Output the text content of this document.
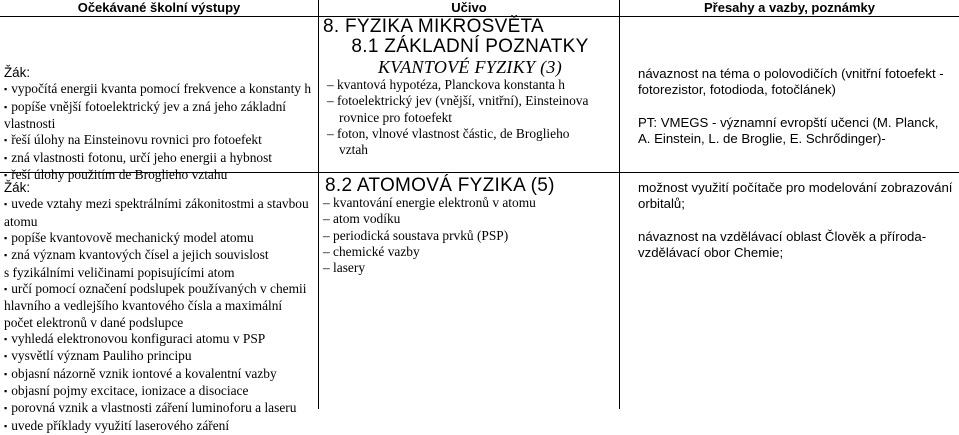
Očekávané školní výstupy	Učivo	Přesahy a vazby, poznámky
8. FYZIKA MIKROSVĚTA
8.1 ZÁKLADNÍ POZNATKY
KVANTOVÉ FYZIKY (3)
– kvantová hypotéza, Planckova konstanta h
– fotoelektrický jev (vnější, vnitřní), Einsteinova
rovnice pro fotoefekt
– foton, vlnové vlastnost částic, de Broglieho
vztah
Žák:
▪ vypočítá energii kvanta pomocí frekvence a konstanty h
▪ popíše vnější fotoelektrický jev a zná jeho základní
vlastnosti
▪ řeší úlohy na Einsteinovu rovnici pro fotoefekt
▪ zná vlastnosti fotonu, určí jeho energii a hybnost
▪ řeší úlohy použitím de Broglieho vztahu
návaznost na téma o polovodičích (vnitřní fotoefekt -
fotorezistor, fotodioda, fotočlánek)
PT: VMEGS - významní evropští učenci (M. Planck,
A. Einstein, L. de Broglie, E. Schrődinger)-
8.2 ATOMOVÁ FYZIKA (5)
– kvantování energie elektronů v atomu
– atom vodíku
– periodická soustava prvků (PSP)
– chemické vazby
– lasery
Žák:
▪ uvede vztahy mezi spektrálními zákonitostmi a stavbou
atomu
▪ popíše kvantovově mechanický model atomu
▪ zná význam kvantových čísel a jejich souvislost
s fyzikálními veličinami popisujícími atom
▪ určí pomocí označení podslupek používaných v chemii
hlavního a vedlejšího kvantového čísla a maximální
počet elektronů v dané podslupce
▪ vyhledá elektronovou konfiguraci atomu v PSP
▪ vysvětlí význam Pauliho principu
▪ objasní názorně vznik iontové a kovalentní vazby
▪ objasní pojmy excitace, ionizace a disociace
▪ porovná vznik a vlastnosti záření luminoforu a laseru
▪ uvede příklady využití laserového záření
možnost využití počítače pro modelování zobrazování
orbitalů;
návaznost na vzdělávací oblast Člověk a přírodа-
vzdělávací obor Chemie;
